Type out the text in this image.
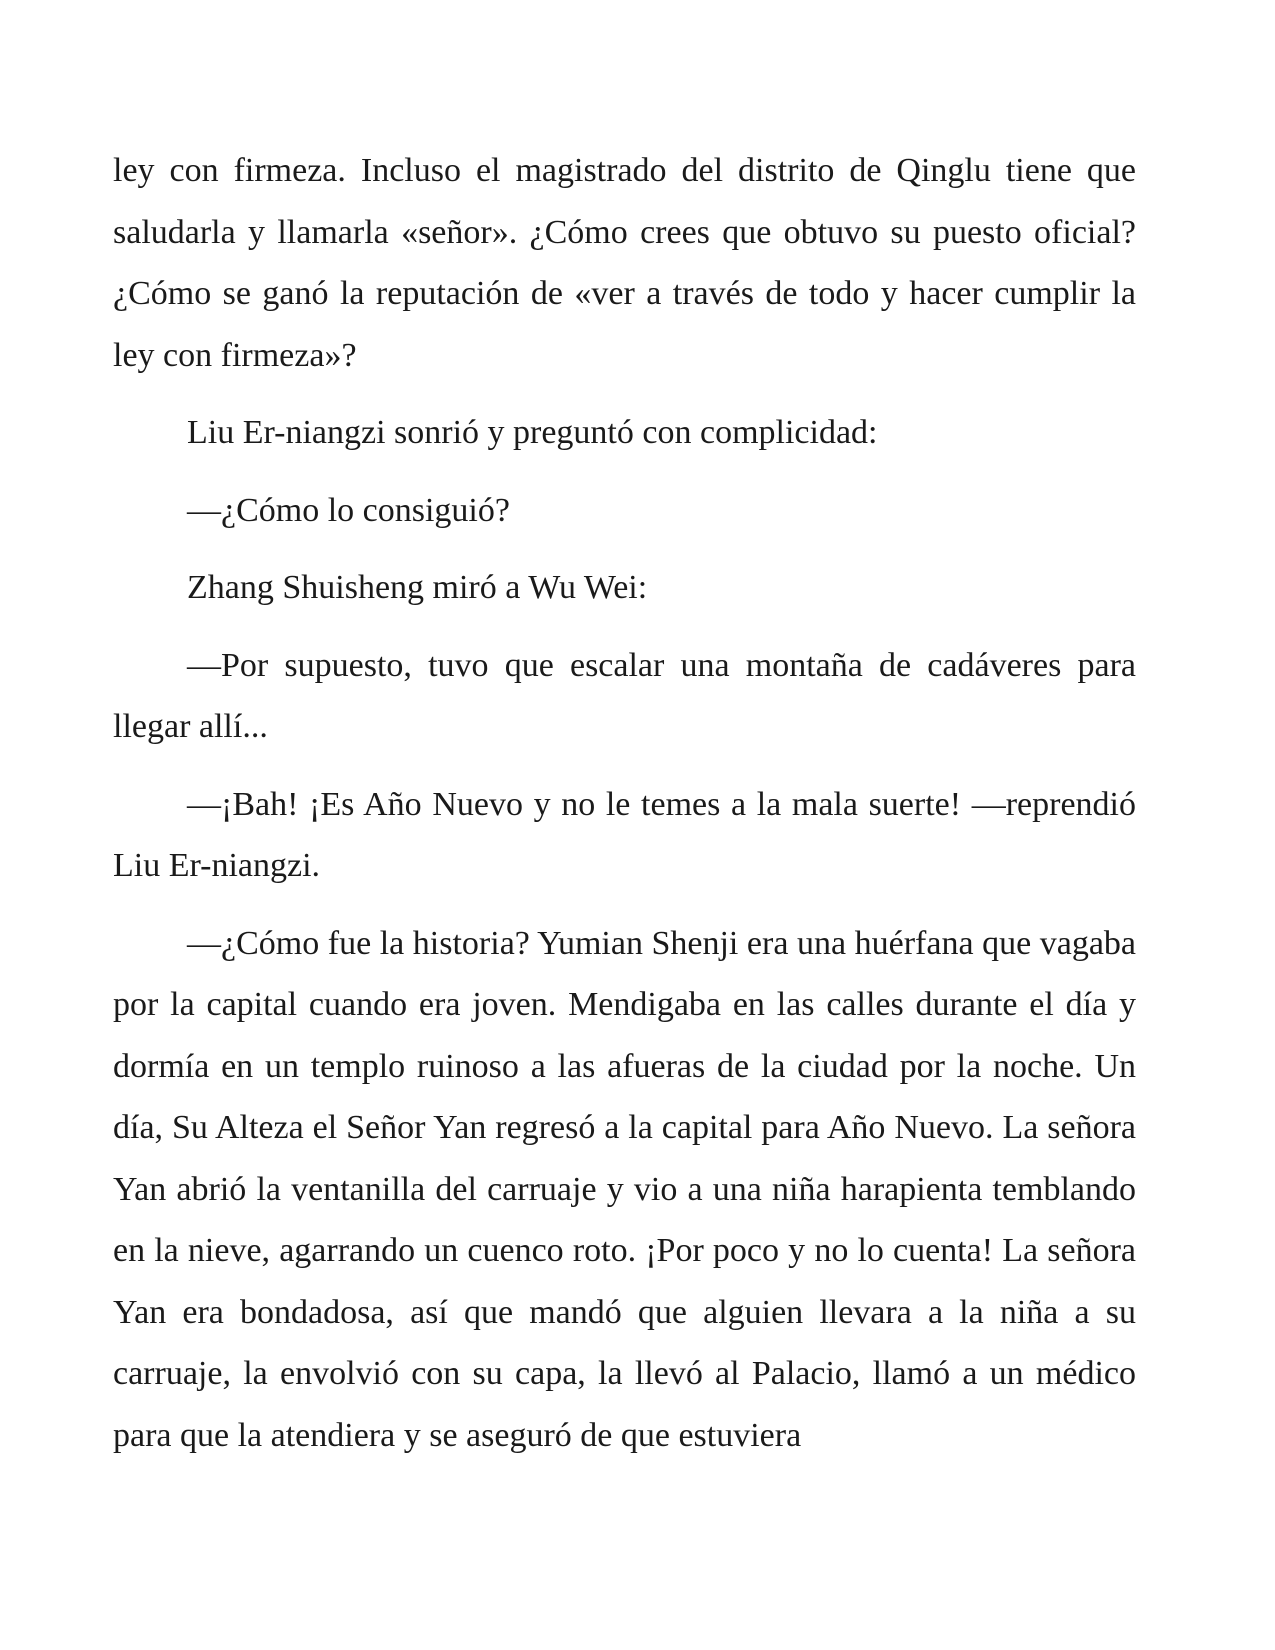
ley con firmeza. Incluso el magistrado del distrito de Qinglu tiene que saludarla y llamarla «señor». ¿Cómo crees que obtuvo su puesto oficial? ¿Cómo se ganó la reputación de «ver a través de todo y hacer cumplir la ley con firmeza»?

Liu Er-niangzi sonrió y preguntó con complicidad:

—¿Cómo lo consiguió?

Zhang Shuisheng miró a Wu Wei:

—Por supuesto, tuvo que escalar una montaña de cadáveres para llegar allí...

—¡Bah! ¡Es Año Nuevo y no le temes a la mala suerte! —reprendió Liu Er-niangzi.

—¿Cómo fue la historia? Yumian Shenji era una huérfana que vagaba por la capital cuando era joven. Mendigaba en las calles durante el día y dormía en un templo ruinoso a las afueras de la ciudad por la noche. Un día, Su Alteza el Señor Yan regresó a la capital para Año Nuevo. La señora Yan abrió la ventanilla del carruaje y vio a una niña harapienta temblando en la nieve, agarrando un cuenco roto. ¡Por poco y no lo cuenta! La señora Yan era bondadosa, así que mandó que alguien llevara a la niña a su carruaje, la envolvió con su capa, la llevó al Palacio, llamó a un médico para que la atendiera y se aseguró de que estuviera
